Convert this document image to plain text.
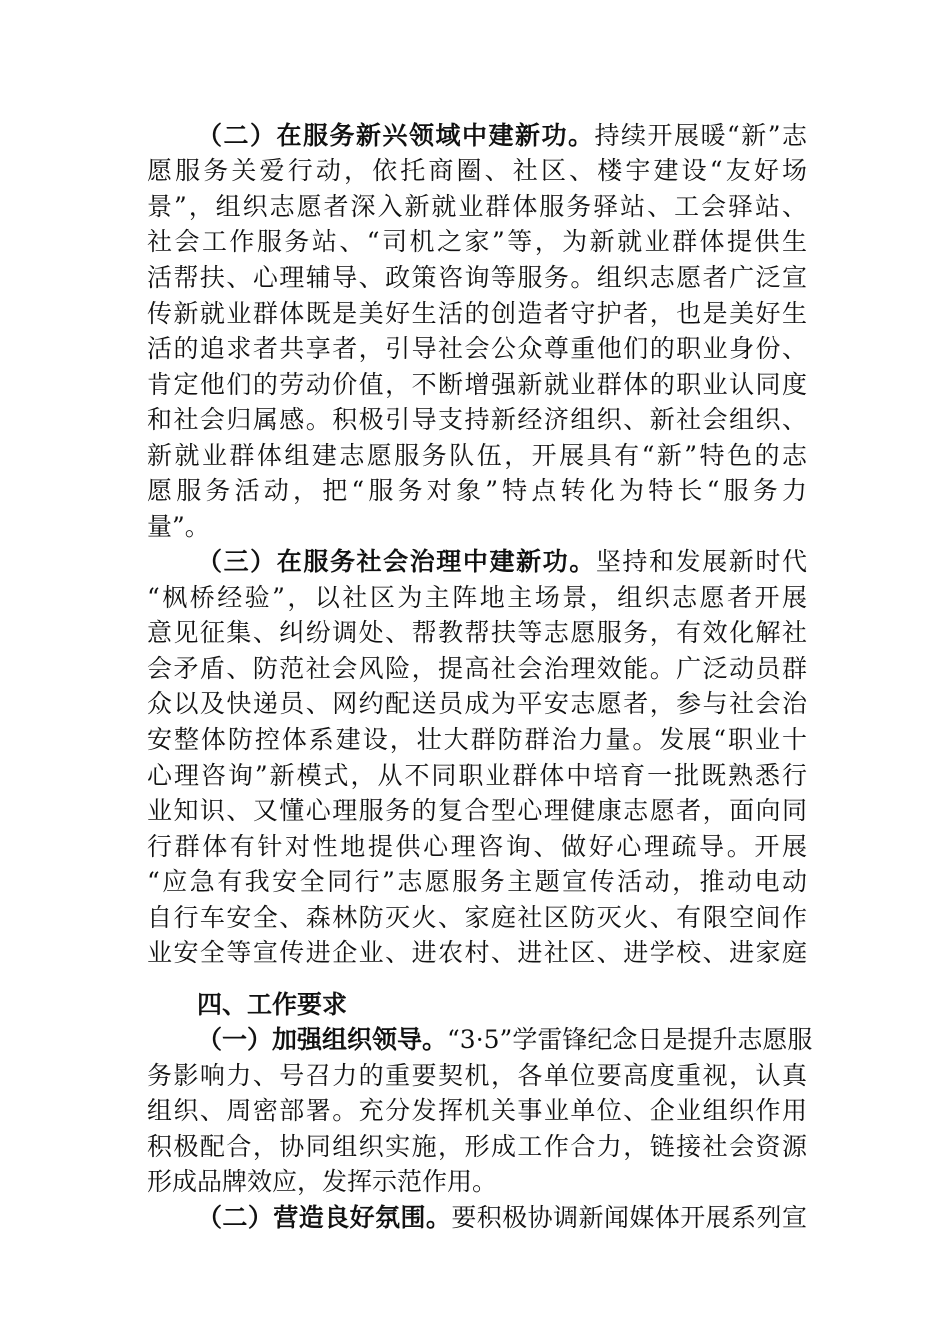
（二）在服务新兴领域中建新功。持续开展暖“新”志
愿服务关爱行动，依托商圈、社区、楼宇建设“友好场
景”，组织志愿者深入新就业群体服务驿站、工会驿站、
社会工作服务站、“司机之家”等，为新就业群体提供生
活帮扶、心理辅导、政策咨询等服务。组织志愿者广泛宣
传新就业群体既是美好生活的创造者守护者，也是美好生
活的追求者共享者，引导社会公众尊重他们的职业身份、
肯定他们的劳动价值，不断增强新就业群体的职业认同度
和社会归属感。积极引导支持新经济组织、新社会组织、
新就业群体组建志愿服务队伍，开展具有“新”特色的志
愿服务活动，把“服务对象”特点转化为特长“服务力
量”。
（三）在服务社会治理中建新功。坚持和发展新时代
“枫桥经验”，以社区为主阵地主场景，组织志愿者开展
意见征集、纠纷调处、帮教帮扶等志愿服务，有效化解社
会矛盾、防范社会风险，提高社会治理效能。广泛动员群
众以及快递员、网约配送员成为平安志愿者，参与社会治
安整体防控体系建设，壮大群防群治力量。发展“职业十
心理咨询”新模式，从不同职业群体中培育一批既熟悉行
业知识、又懂心理服务的复合型心理健康志愿者，面向同
行群体有针对性地提供心理咨询、做好心理疏导。开展
“应急有我安全同行”志愿服务主题宣传活动，推动电动
自行车安全、森林防灭火、家庭社区防灭火、有限空间作
业安全等宣传进企业、进农村、进社区、进学校、进家庭
四、工作要求
（一）加强组织领导。“3·5”学雷锋纪念日是提升志愿服
务影响力、号召力的重要契机，各单位要高度重视，认真
组织、周密部署。充分发挥机关事业单位、企业组织作用
积极配合，协同组织实施，形成工作合力，链接社会资源
形成品牌效应，发挥示范作用。
（二）营造良好氛围。要积极协调新闻媒体开展系列宣
